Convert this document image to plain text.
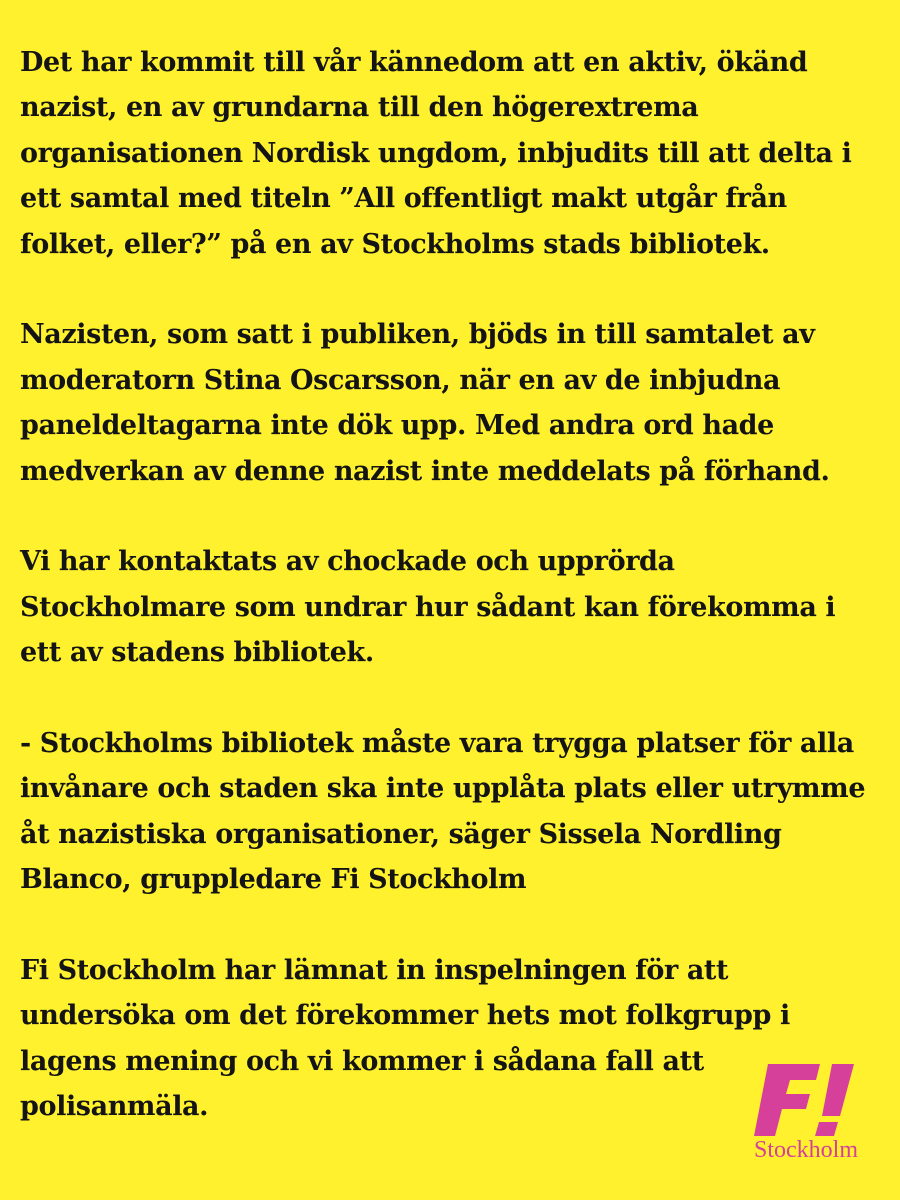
Det har kommit till vår kännedom att en aktiv, ökänd
nazist, en av grundarna till den högerextrema
organisationen Nordisk ungdom, inbjudits till att delta i
ett samtal med titeln ”All offentligt makt utgår från
folket, eller?” på en av Stockholms stads bibliotek.

Nazisten, som satt i publiken, bjöds in till samtalet av
moderatorn Stina Oscarsson, när en av de inbjudna
paneldeltagarna inte dök upp. Med andra ord hade
medverkan av denne nazist inte meddelats på förhand.

Vi har kontaktats av chockade och upprörda
Stockholmare som undrar hur sådant kan förekomma i
ett av stadens bibliotek.

- Stockholms bibliotek måste vara trygga platser för alla
invånare och staden ska inte upplåta plats eller utrymme
åt nazistiska organisationer, säger Sissela Nordling
Blanco, gruppledare Fi Stockholm

Fi Stockholm har lämnat in inspelningen för att
undersöka om det förekommer hets mot folkgrupp i
lagens mening och vi kommer i sådana fall att
polisanmäla.

Stockholm
